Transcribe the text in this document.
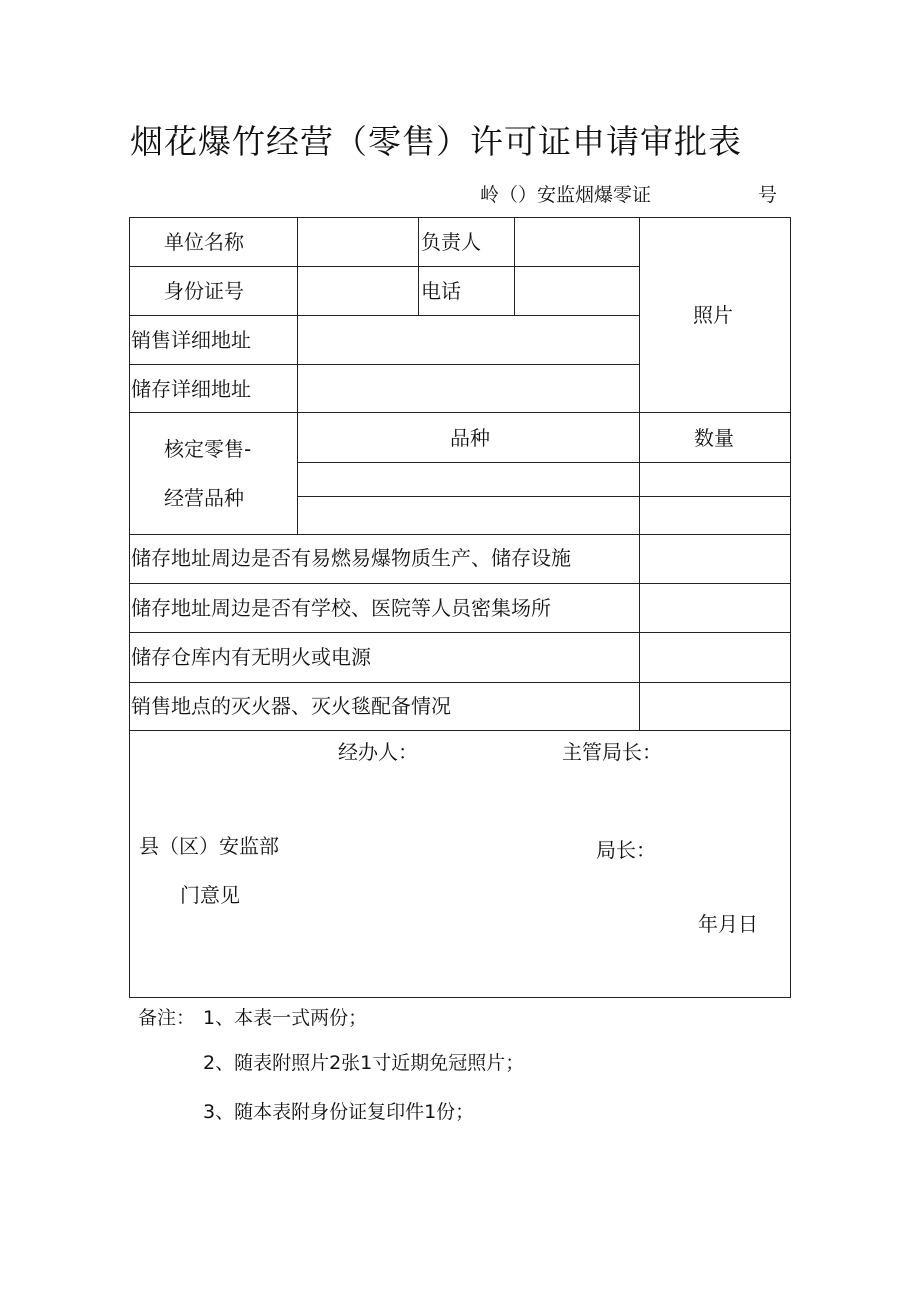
烟花爆竹经营（零售）许可证申请审批表
岭（）安监烟爆零证	号
单位名称	负责人
身份证号	电话
照片
销售详细地址
储存详细地址
核定零售-
经营品种
品种	数量
储存地址周边是否有易燃易爆物质生产、储存设施
储存地址周边是否有学校、医院等人员密集场所
储存仓库内有无明火或电源
销售地点的灭火器、灭火毯配备情况
经办人：	主管局长：
县（区）安监部
门意见
局长：
年月日
备注： 1、本表一式两份；
2、随表附照片2张1寸近期免冠照片；
3、随本表附身份证复印件1份；
